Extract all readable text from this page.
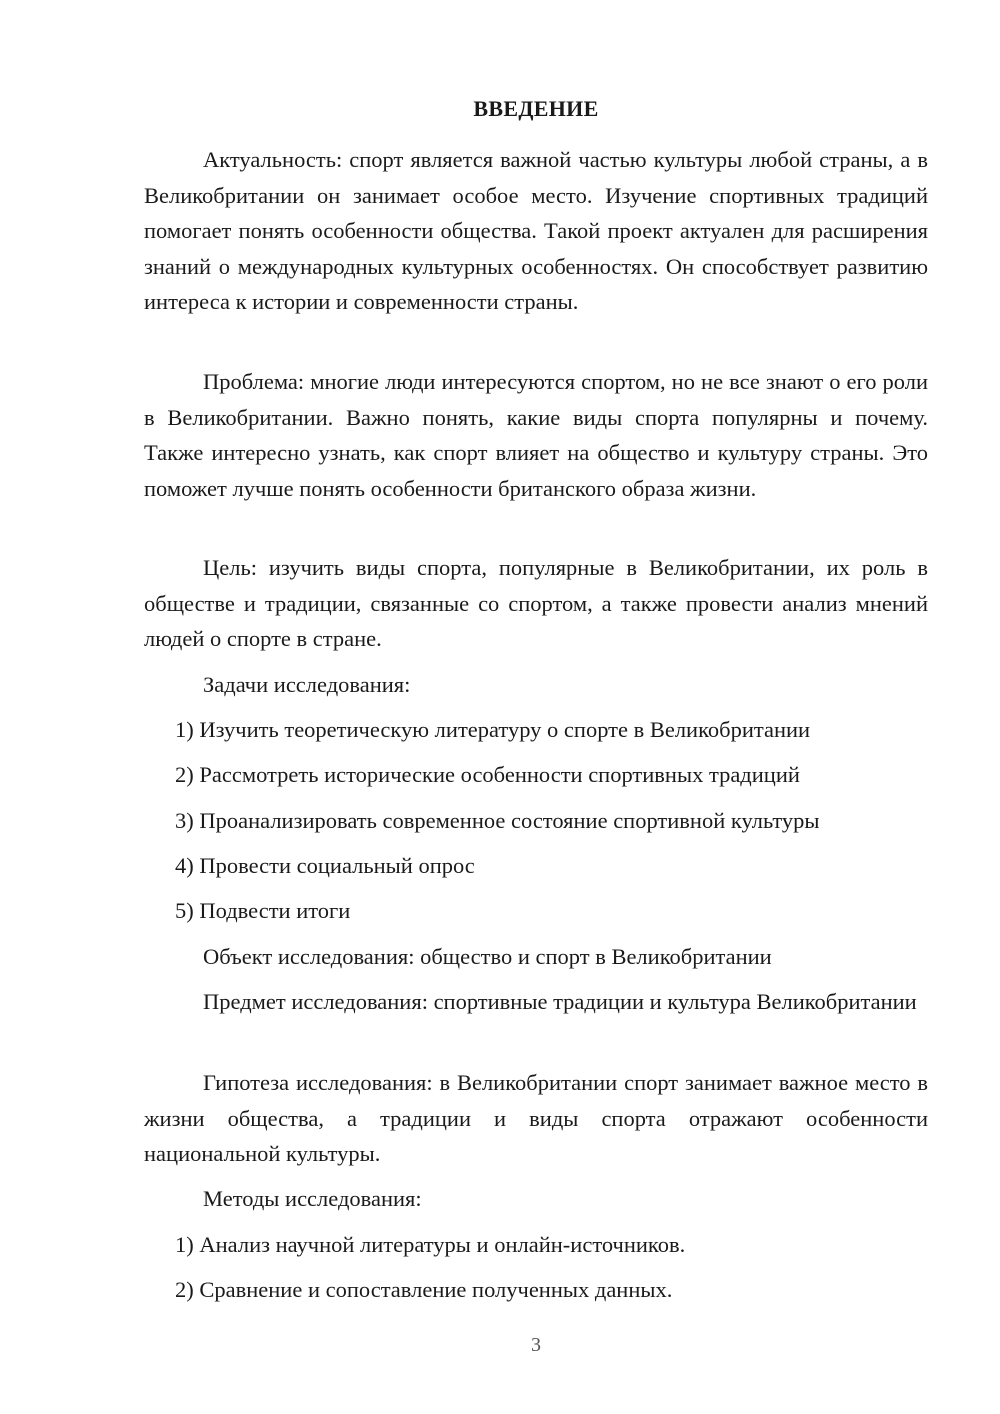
ВВЕДЕНИЕ

Актуальность: спорт является важной частью культуры любой страны, а в Великобритании он занимает особое место. Изучение спортивных традиций помогает понять особенности общества. Такой проект актуален для расширения знаний о международных культурных особенностях. Он способствует развитию интереса к истории и современности страны.

Проблема: многие люди интересуются спортом, но не все знают о его роли в Великобритании. Важно понять, какие виды спорта популярны и почему. Также интересно узнать, как спорт влияет на общество и культуру страны. Это поможет лучше понять особенности британского образа жизни.

Цель: изучить виды спорта, популярные в Великобритании, их роль в обществе и традиции, связанные со спортом, а также провести анализ мнений людей о спорте в стране.

Задачи исследования:
1) Изучить теоретическую литературу о спорте в Великобритании
2) Рассмотреть исторические особенности спортивных традиций
3) Проанализировать современное состояние спортивной культуры
4) Провести социальный опрос
5) Подвести итоги
Объект исследования: общество и спорт в Великобритании

Предмет исследования: спортивные традиции и культура Великобритании

Гипотеза исследования: в Великобритании спорт занимает важное место в жизни общества, а традиции и виды спорта отражают особенности национальной культуры.

Методы исследования:
1) Анализ научной литературы и онлайн-источников.
2) Сравнение и сопоставление полученных данных.
3
